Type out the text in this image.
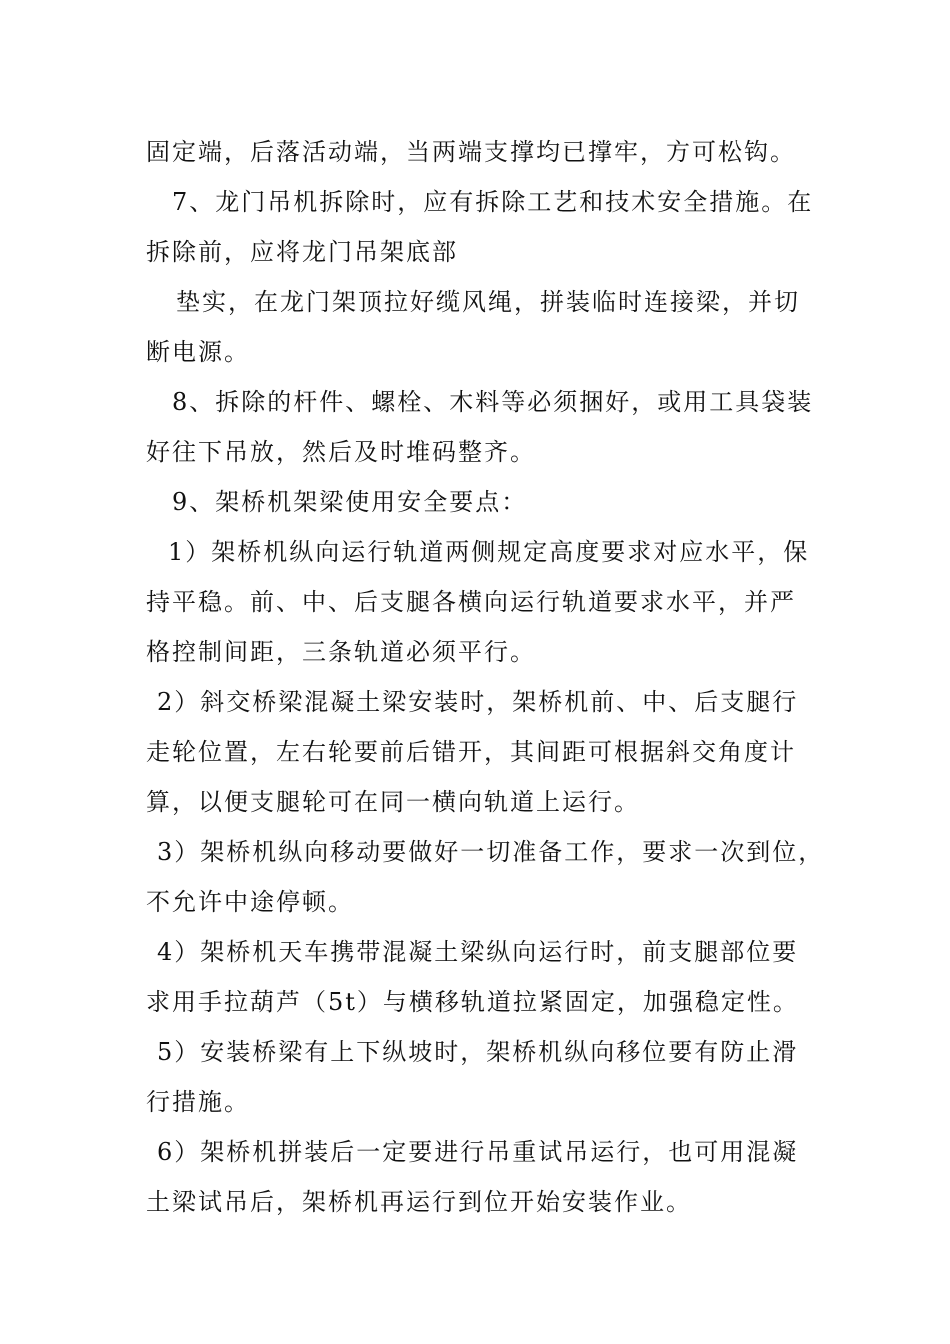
固定端，后落活动端，当两端支撑均已撑牢，方可松钩。
7、龙门吊机拆除时，应有拆除工艺和技术安全措施。在
拆除前，应将龙门吊架底部
垫实，在龙门架顶拉好缆风绳，拼装临时连接梁，并切
断电源。
8、拆除的杆件、螺栓、木料等必须捆好，或用工具袋装
好往下吊放，然后及时堆码整齐。
9、架桥机架梁使用安全要点：
1）架桥机纵向运行轨道两侧规定高度要求对应水平，保
持平稳。前、中、后支腿各横向运行轨道要求水平，并严
格控制间距，三条轨道必须平行。
2）斜交桥梁混凝土梁安装时，架桥机前、中、后支腿行
走轮位置，左右轮要前后错开，其间距可根据斜交角度计
算，以便支腿轮可在同一横向轨道上运行。
3）架桥机纵向移动要做好一切准备工作，要求一次到位，
不允许中途停顿。
4）架桥机天车携带混凝土梁纵向运行时，前支腿部位要
求用手拉葫芦（5t）与横移轨道拉紧固定，加强稳定性。
5）安装桥梁有上下纵坡时，架桥机纵向移位要有防止滑
行措施。
6）架桥机拼装后一定要进行吊重试吊运行，也可用混凝
土梁试吊后，架桥机再运行到位开始安装作业。
